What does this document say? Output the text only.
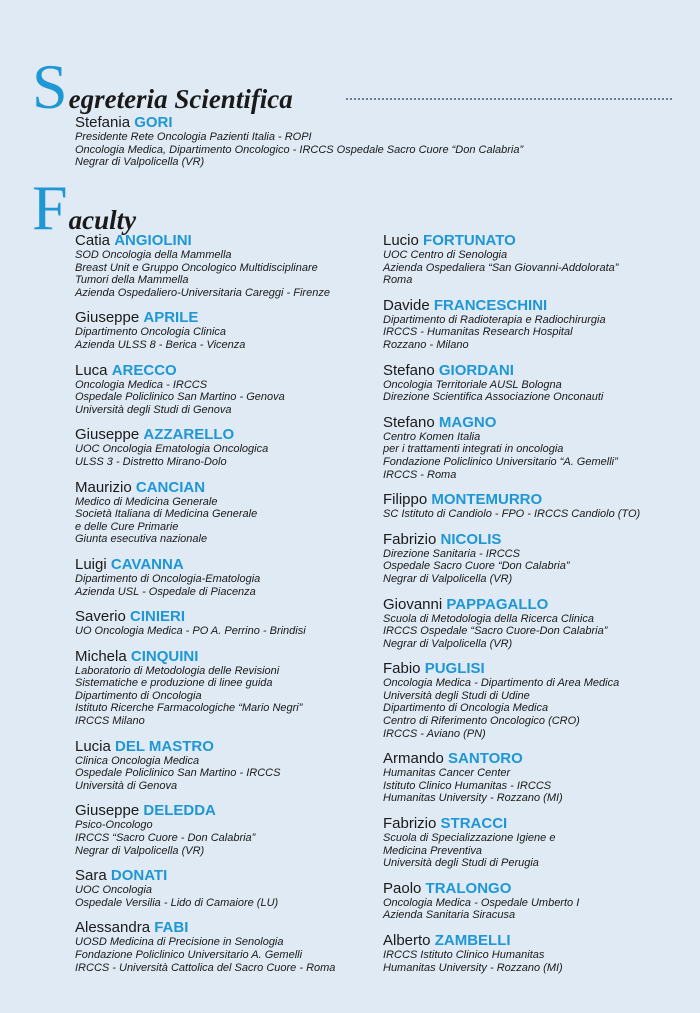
S egreteria Scientifica
Stefania GORI
Presidente Rete Oncologia Pazienti Italia - ROPI
Oncologia Medica, Dipartimento Oncologico - IRCCS Ospedale Sacro Cuore “Don Calabria”
Negrar di Valpolicella (VR)
F aculty
Catia ANGIOLINI
SOD Oncologia della Mammella
Breast Unit e Gruppo Oncologico Multidisciplinare
Tumori della Mammella
Azienda Ospedaliero-Universitaria Careggi - Firenze
Giuseppe APRILE
Dipartimento Oncologia Clinica
Azienda ULSS 8 - Berica - Vicenza
Luca ARECCO
Oncologia Medica - IRCCS
Ospedale Policlinico San Martino - Genova
Università degli Studi di Genova
Giuseppe AZZARELLO
UOC Oncologia Ematologia Oncologica
ULSS 3 - Distretto Mirano-Dolo
Maurizio CANCIAN
Medico di Medicina Generale
Società Italiana di Medicina Generale
e delle Cure Primarie
Giunta esecutiva nazionale
Luigi CAVANNA
Dipartimento di Oncologia-Ematologia
Azienda USL - Ospedale di Piacenza
Saverio CINIERI
UO Oncologia Medica - PO A. Perrino - Brindisi
Michela CINQUINI
Laboratorio di Metodologia delle Revisioni
Sistematiche e produzione di linee guida
Dipartimento di Oncologia
Istituto Ricerche Farmacologiche “Mario Negri”
IRCCS Milano
Lucia DEL MASTRO
Clinica Oncologia Medica
Ospedale Policlinico San Martino - IRCCS
Università di Genova
Giuseppe DELEDDA
Psico-Oncologo
IRCCS “Sacro Cuore - Don Calabria”
Negrar di Valpolicella (VR)
Sara DONATI
UOC Oncologia
Ospedale Versilia - Lido di Camaiore (LU)
Alessandra FABI
UOSD Medicina di Precisione in Senologia
Fondazione Policlinico Universitario A. Gemelli
IRCCS - Università Cattolica del Sacro Cuore - Roma
Lucio FORTUNATO
UOC Centro di Senologia
Azienda Ospedaliera “San Giovanni-Addolorata”
Roma
Davide FRANCESCHINI
Dipartimento di Radioterapia e Radiochirurgia
IRCCS - Humanitas Research Hospital
Rozzano - Milano
Stefano GIORDANI
Oncologia Territoriale AUSL Bologna
Direzione Scientifica Associazione Onconauti
Stefano MAGNO
Centro Komen Italia
per i trattamenti integrati in oncologia
Fondazione Policlinico Universitario “A. Gemelli”
IRCCS - Roma
Filippo MONTEMURRO
SC Istituto di Candiolo - FPO - IRCCS Candiolo (TO)
Fabrizio NICOLIS
Direzione Sanitaria - IRCCS
Ospedale Sacro Cuore “Don Calabria”
Negrar di Valpolicella (VR)
Giovanni PAPPAGALLO
Scuola di Metodologia della Ricerca Clinica
IRCCS Ospedale “Sacro Cuore-Don Calabria”
Negrar di Valpolicella (VR)
Fabio PUGLISI
Oncologia Medica - Dipartimento di Area Medica
Università degli Studi di Udine
Dipartimento di Oncologia Medica
Centro di Riferimento Oncologico (CRO)
IRCCS - Aviano (PN)
Armando SANTORO
Humanitas Cancer Center
Istituto Clinico Humanitas - IRCCS
Humanitas University - Rozzano (MI)
Fabrizio STRACCI
Scuola di Specializzazione Igiene e
Medicina Preventiva
Università degli Studi di Perugia
Paolo TRALONGO
Oncologia Medica - Ospedale Umberto I
Azienda Sanitaria Siracusa
Alberto ZAMBELLI
IRCCS Istituto Clinico Humanitas
Humanitas University - Rozzano (MI)
